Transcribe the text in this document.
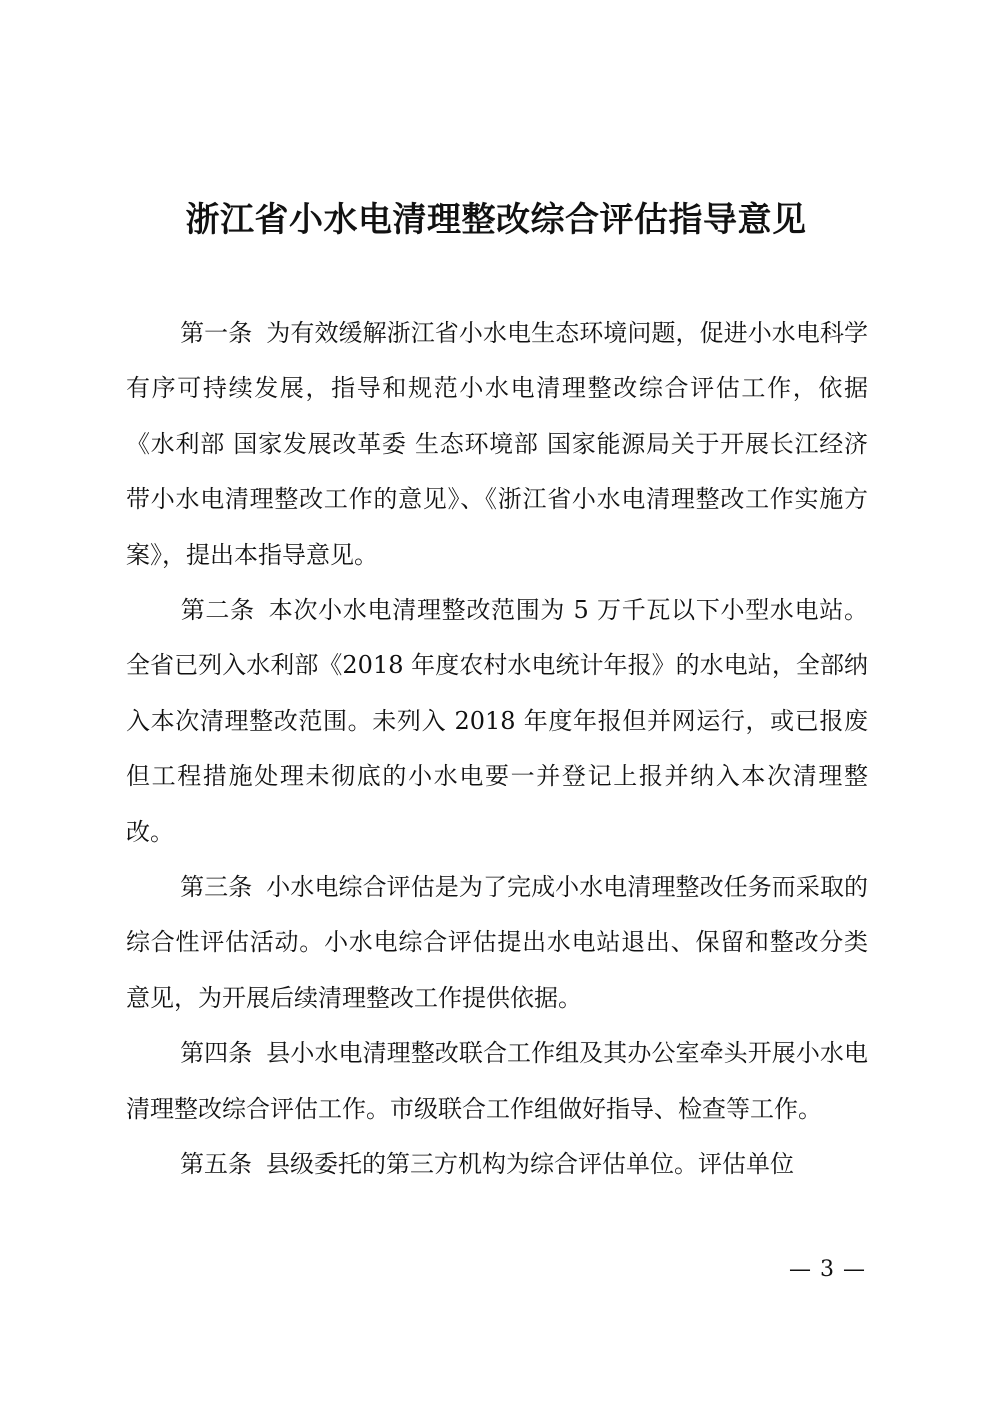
浙江省小水电清理整改综合评估指导意见

第一条 为有效缓解浙江省小水电生态环境问题，促进小水电科学有序可持续发展，指导和规范小水电清理整改综合评估工作，依据《水利部 国家发展改革委 生态环境部 国家能源局关于开展长江经济带小水电清理整改工作的意见》、《浙江省小水电清理整改工作实施方案》，提出本指导意见。

第二条 本次小水电清理整改范围为 5 万千瓦以下小型水电站。全省已列入水利部《2018 年度农村水电统计年报》的水电站，全部纳入本次清理整改范围。未列入 2018 年度年报但并网运行，或已报废但工程措施处理未彻底的小水电要一并登记上报并纳入本次清理整改。

第三条 小水电综合评估是为了完成小水电清理整改任务而采取的综合性评估活动。小水电综合评估提出水电站退出、保留和整改分类意见，为开展后续清理整改工作提供依据。

第四条 县小水电清理整改联合工作组及其办公室牵头开展小水电清理整改综合评估工作。市级联合工作组做好指导、检查等工作。

第五条 县级委托的第三方机构为综合评估单位。评估单位

— 3 —
